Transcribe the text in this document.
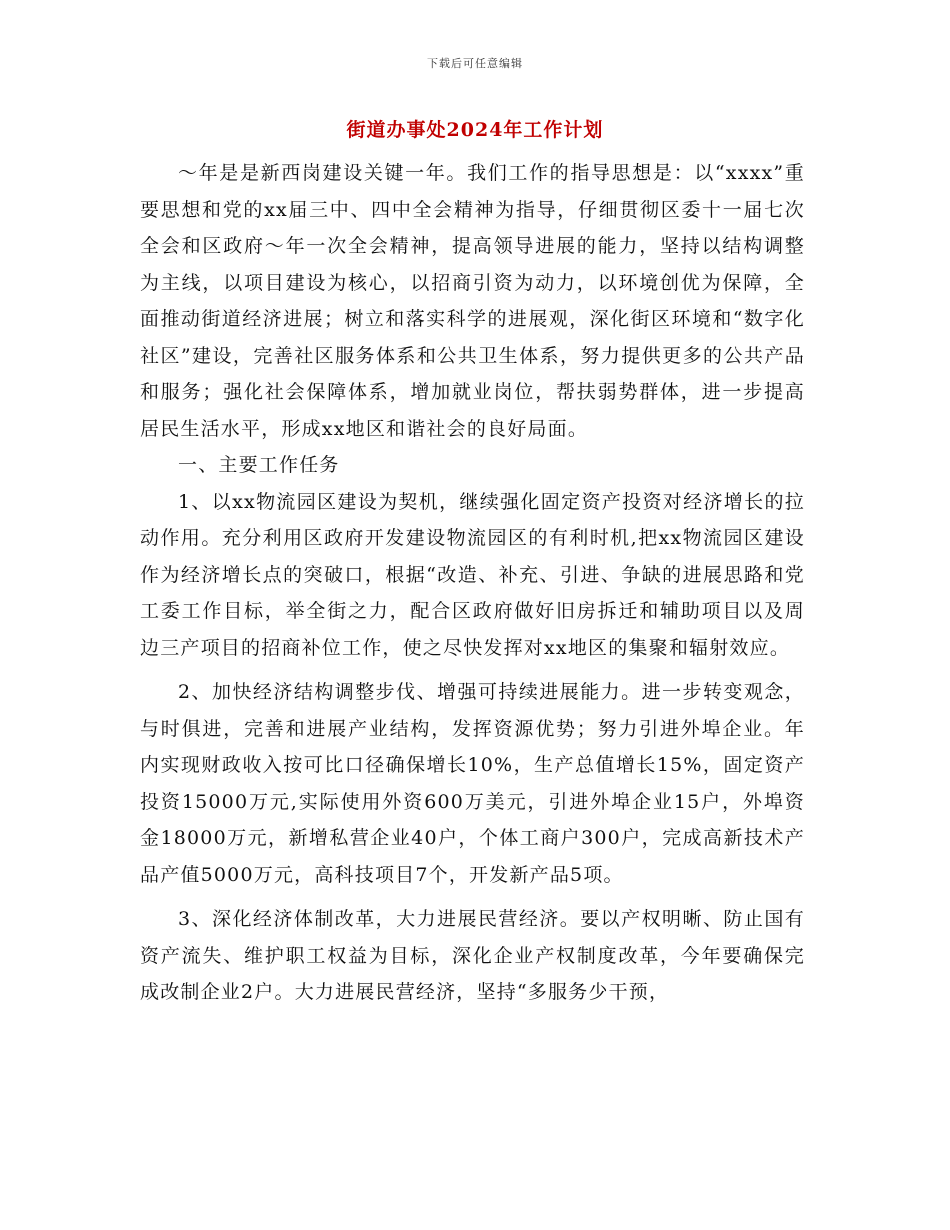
下载后可任意编辑
街道办事处2024年工作计划

～年是是新西岗建设关键一年。我们工作的指导思想是：以“xxxx”重要思想和党的xx届三中、四中全会精神为指导，仔细贯彻区委十一届七次全会和区政府～年一次全会精神，提高领导进展的能力，坚持以结构调整为主线，以项目建设为核心，以招商引资为动力，以环境创优为保障，全面推动街道经济进展；树立和落实科学的进展观，深化街区环境和“数字化社区”建设，完善社区服务体系和公共卫生体系，努力提供更多的公共产品和服务；强化社会保障体系，增加就业岗位，帮扶弱势群体，进一步提高居民生活水平，形成xx地区和谐社会的良好局面。

一、主要工作任务

1、以xx物流园区建设为契机，继续强化固定资产投资对经济增长的拉动作用。充分利用区政府开发建设物流园区的有利时机,把xx物流园区建设作为经济增长点的突破口，根据“改造、补充、引进、争缺的进展思路和党工委工作目标，举全街之力，配合区政府做好旧房拆迁和辅助项目以及周边三产项目的招商补位工作，使之尽快发挥对xx地区的集聚和辐射效应。

2、加快经济结构调整步伐、增强可持续进展能力。进一步转变观念，与时俱进，完善和进展产业结构，发挥资源优势；努力引进外埠企业。年内实现财政收入按可比口径确保增长10%，生产总值增长15%，固定资产投资15000万元,实际使用外资600万美元，引进外埠企业15户，外埠资金18000万元，新增私营企业40户，个体工商户300户，完成高新技术产品产值5000万元，高科技项目7个，开发新产品5项。

3、深化经济体制改革，大力进展民营经济。要以产权明晰、防止国有资产流失、维护职工权益为目标，深化企业产权制度改革，今年要确保完成改制企业2户。大力进展民营经济，坚持“多服务少干预，
